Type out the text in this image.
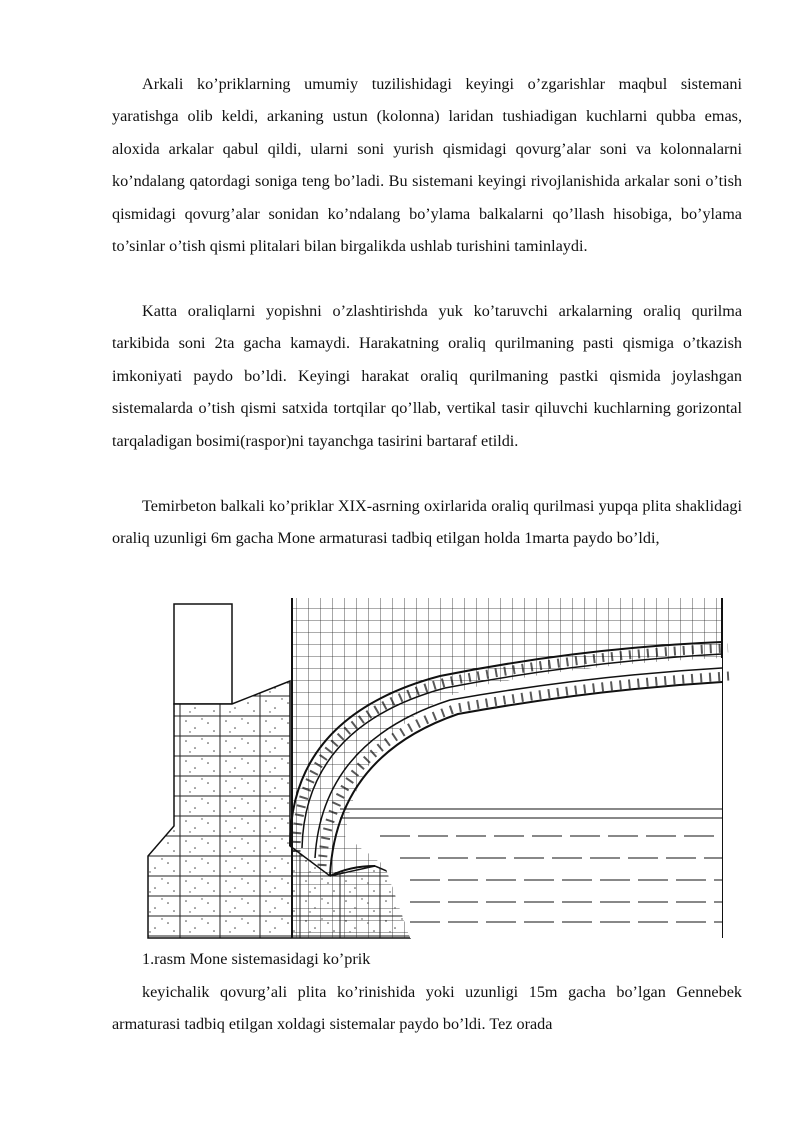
Arkali ko’priklarning umumiy tuzilishidagi keyingi o’zgarishlar maqbul sistemani yaratishga olib keldi, arkaning ustun (kolonna) laridan tushiadigan kuchlarni qubba emas, aloxida arkalar qabul qildi, ularni soni yurish qismidagi qovurg’alar soni va kolonnalarni ko’ndalang qatordagi soniga teng bo’ladi. Bu sistemani keyingi rivojlanishida arkalar soni o’tish qismidagi qovurg’alar sonidan ko’ndalang bo’ylama balkalarni qo’llash hisobiga, bo’ylama to’sinlar o’tish qismi plitalari bilan birgalikda ushlab turishini taminlaydi.

Katta oraliqlarni yopishni o’zlashtirishda yuk ko’taruvchi arkalarning oraliq qurilma tarkibida soni 2ta gacha kamaydi. Harakatning oraliq qurilmaning pasti qismiga o’tkazish imkoniyati paydo bo’ldi. Keyingi harakat oraliq qurilmaning pastki qismida joylashgan sistemalarda o’tish qismi satxida tortqilar qo’llab, vertikal tasir qiluvchi kuchlarning gorizontal tarqaladigan bosimi(raspor)ni tayanchga tasirini bartaraf etildi.

Temirbeton balkali ko’priklar XIX-asrning oxirlarida oraliq qurilmasi yupqa plita shaklidagi oraliq uzunligi 6m gacha Mone armaturasi tadbiq etilgan holda 1marta paydo bo’ldi,

1.rasm Mone sistemasidagi ko’prik

keyichalik qovurg’ali plita ko’rinishida yoki uzunligi 15m gacha bo’lgan Gennebek armaturasi tadbiq etilgan xoldagi sistemalar paydo bo’ldi. Tez orada
